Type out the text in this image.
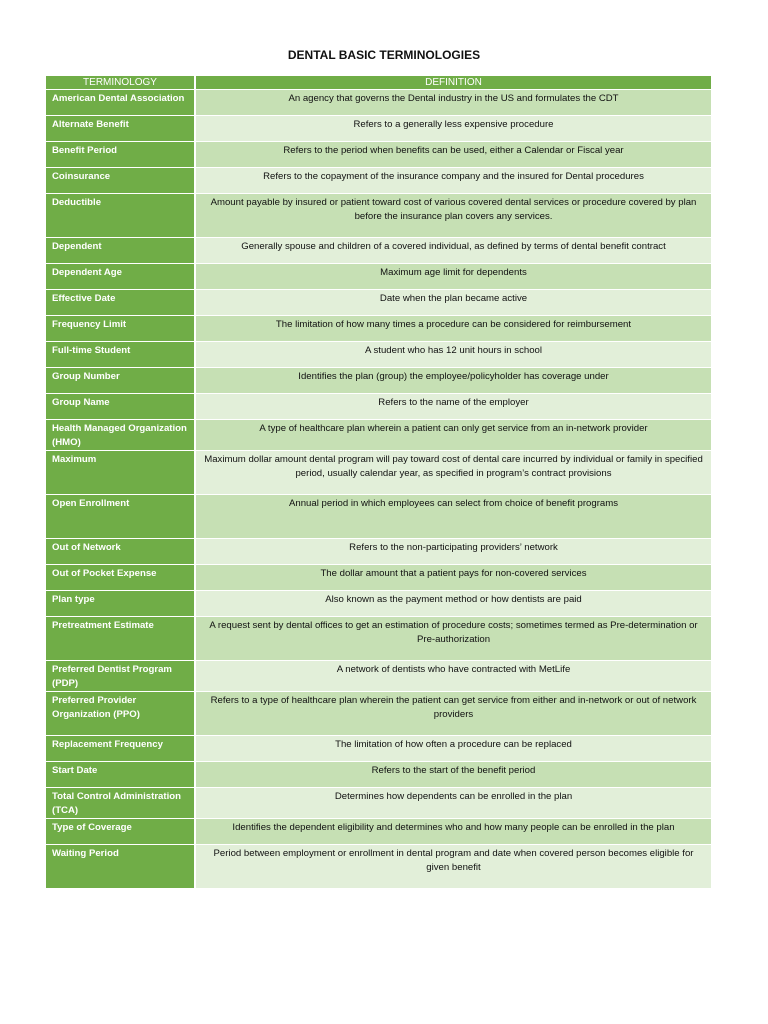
DENTAL BASIC TERMINOLOGIES
TERMINOLOGY	DEFINITION
American Dental Association	An agency that governs the Dental industry in the US and formulates the CDT
Alternate Benefit	Refers to a generally less expensive procedure
Benefit Period	Refers to the period when benefits can be used, either a Calendar or Fiscal year
Coinsurance	Refers to the copayment of the insurance company and the insured for Dental procedures
Deductible	Amount payable by insured or patient toward cost of various covered dental services or procedure covered by plan before the insurance plan covers any services.
Dependent	Generally spouse and children of a covered individual, as defined by terms of dental benefit contract
Dependent Age	Maximum age limit for dependents
Effective Date	Date when the plan became active
Frequency Limit	The limitation of how many times a procedure can be considered for reimbursement
Full-time Student	A student who has 12 unit hours in school
Group Number	Identifies the plan (group) the employee/policyholder has coverage under
Group Name	Refers to the name of the employer
Health Managed Organization (HMO)	A type of healthcare plan wherein a patient can only get service from an in-network provider
Maximum	Maximum dollar amount dental program will pay toward cost of dental care incurred by individual or family in specified period, usually calendar year, as specified in program’s contract provisions
Open Enrollment	Annual period in which employees can select from choice of benefit programs
Out of Network	Refers to the non-participating providers’ network
Out of Pocket Expense	The dollar amount that a patient pays for non-covered services
Plan type	Also known as the payment method or how dentists are paid
Pretreatment Estimate	A request sent by dental offices to get an estimation of procedure costs; sometimes termed as Pre-determination or Pre-authorization
Preferred Dentist Program (PDP)	A network of dentists who have contracted with MetLife
Preferred Provider Organization (PPO)	Refers to a type of healthcare plan wherein the patient can get service from either and in-network or out of network providers
Replacement Frequency	The limitation of how often a procedure can be replaced
Start Date	Refers to the start of the benefit period
Total Control Administration (TCA)	Determines how dependents can be enrolled in the plan
Type of Coverage	Identifies the dependent eligibility and determines who and how many people can be enrolled in the plan
Waiting Period	Period between employment or enrollment in dental program and date when covered person becomes eligible for given benefit
